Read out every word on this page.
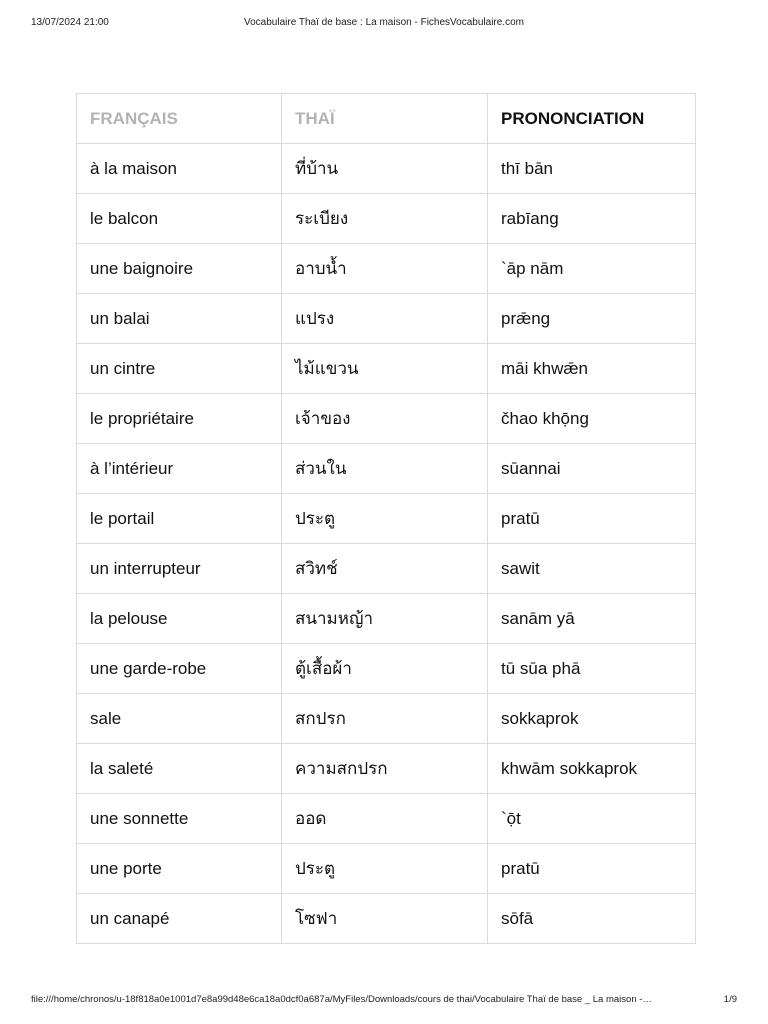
13/07/2024 21:00	Vocabulaire Thaï de base : La maison - FichesVocabulaire.com
FRANÇAIS	THAÏ	PRONONCIATION
à la maison	ที่บ้าน	thī bān
le balcon	ระเบียง	rabīang
une baignoire	อาบน้ำ	`āp nām
un balai	แปรง	prǣng
un cintre	ไม้แขวน	māi khwǣn
le propriétaire	เจ้าของ	čhao khọ̄ng
à l’intérieur	ส่วนใน	sūannai
le portail	ประตู	pratū
un interrupteur	สวิทช์	sawit
la pelouse	สนามหญ้า	sanām yā
une garde-robe	ตู้เสื้อผ้า	tū sūa phā
sale	สกปรก	sokkaprok
la saleté	ความสกปรก	khwām sokkaprok
une sonnette	ออด	`ọ̄t
une porte	ประตู	pratū
un canapé	โซฟา	sōfā
file:///home/chronos/u-18f818a0e1001d7e8a99d48e6ca18a0dcf0a687a/MyFiles/Downloads/cours de thai/Vocabulaire Thaï de base _ La maison -…	1/9
